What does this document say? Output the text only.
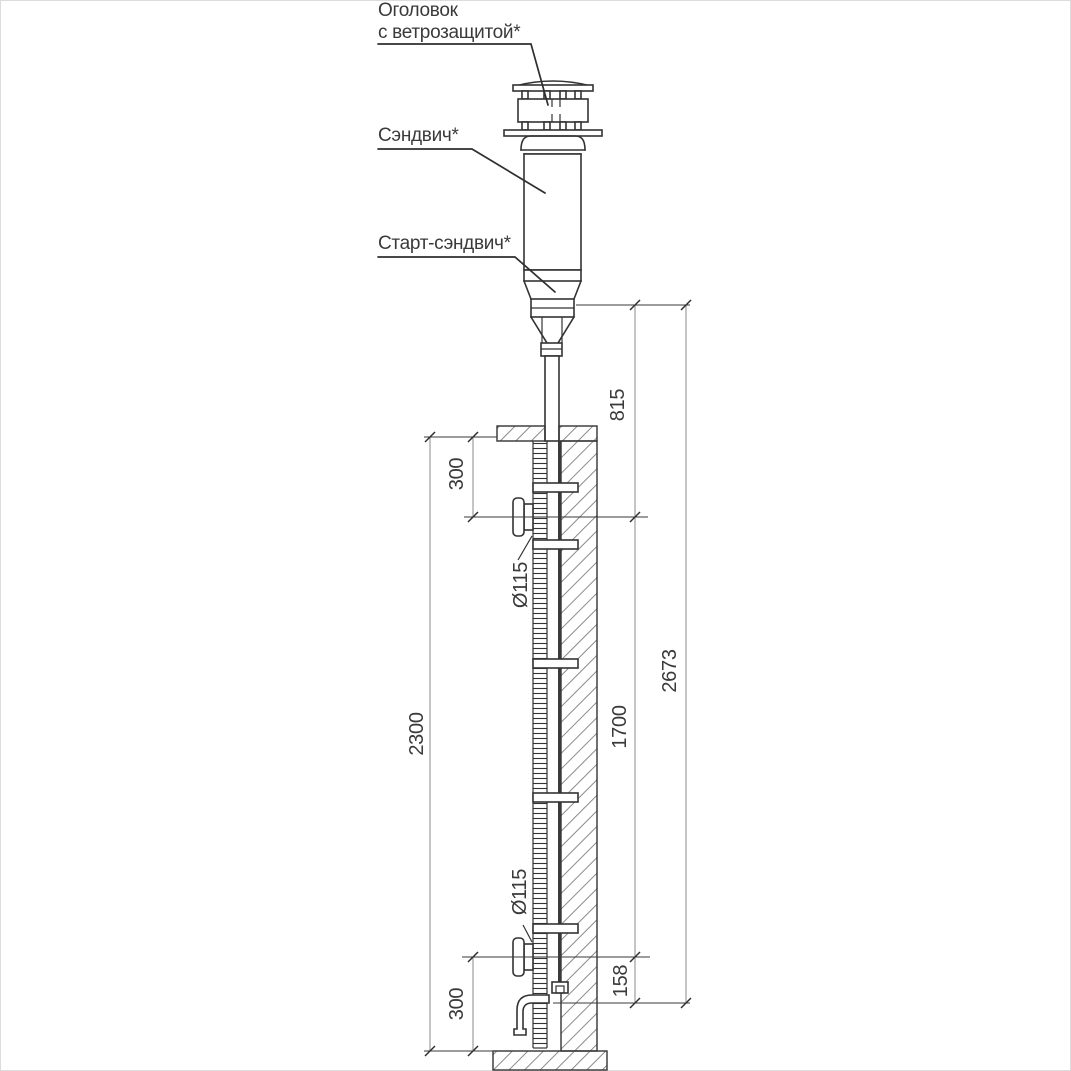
815
1700
2673
2300
300
300
158
Ø115
Ø115
Оголовок
с ветрозащитой*
Сэндвич*
Старт-сэндвич*
